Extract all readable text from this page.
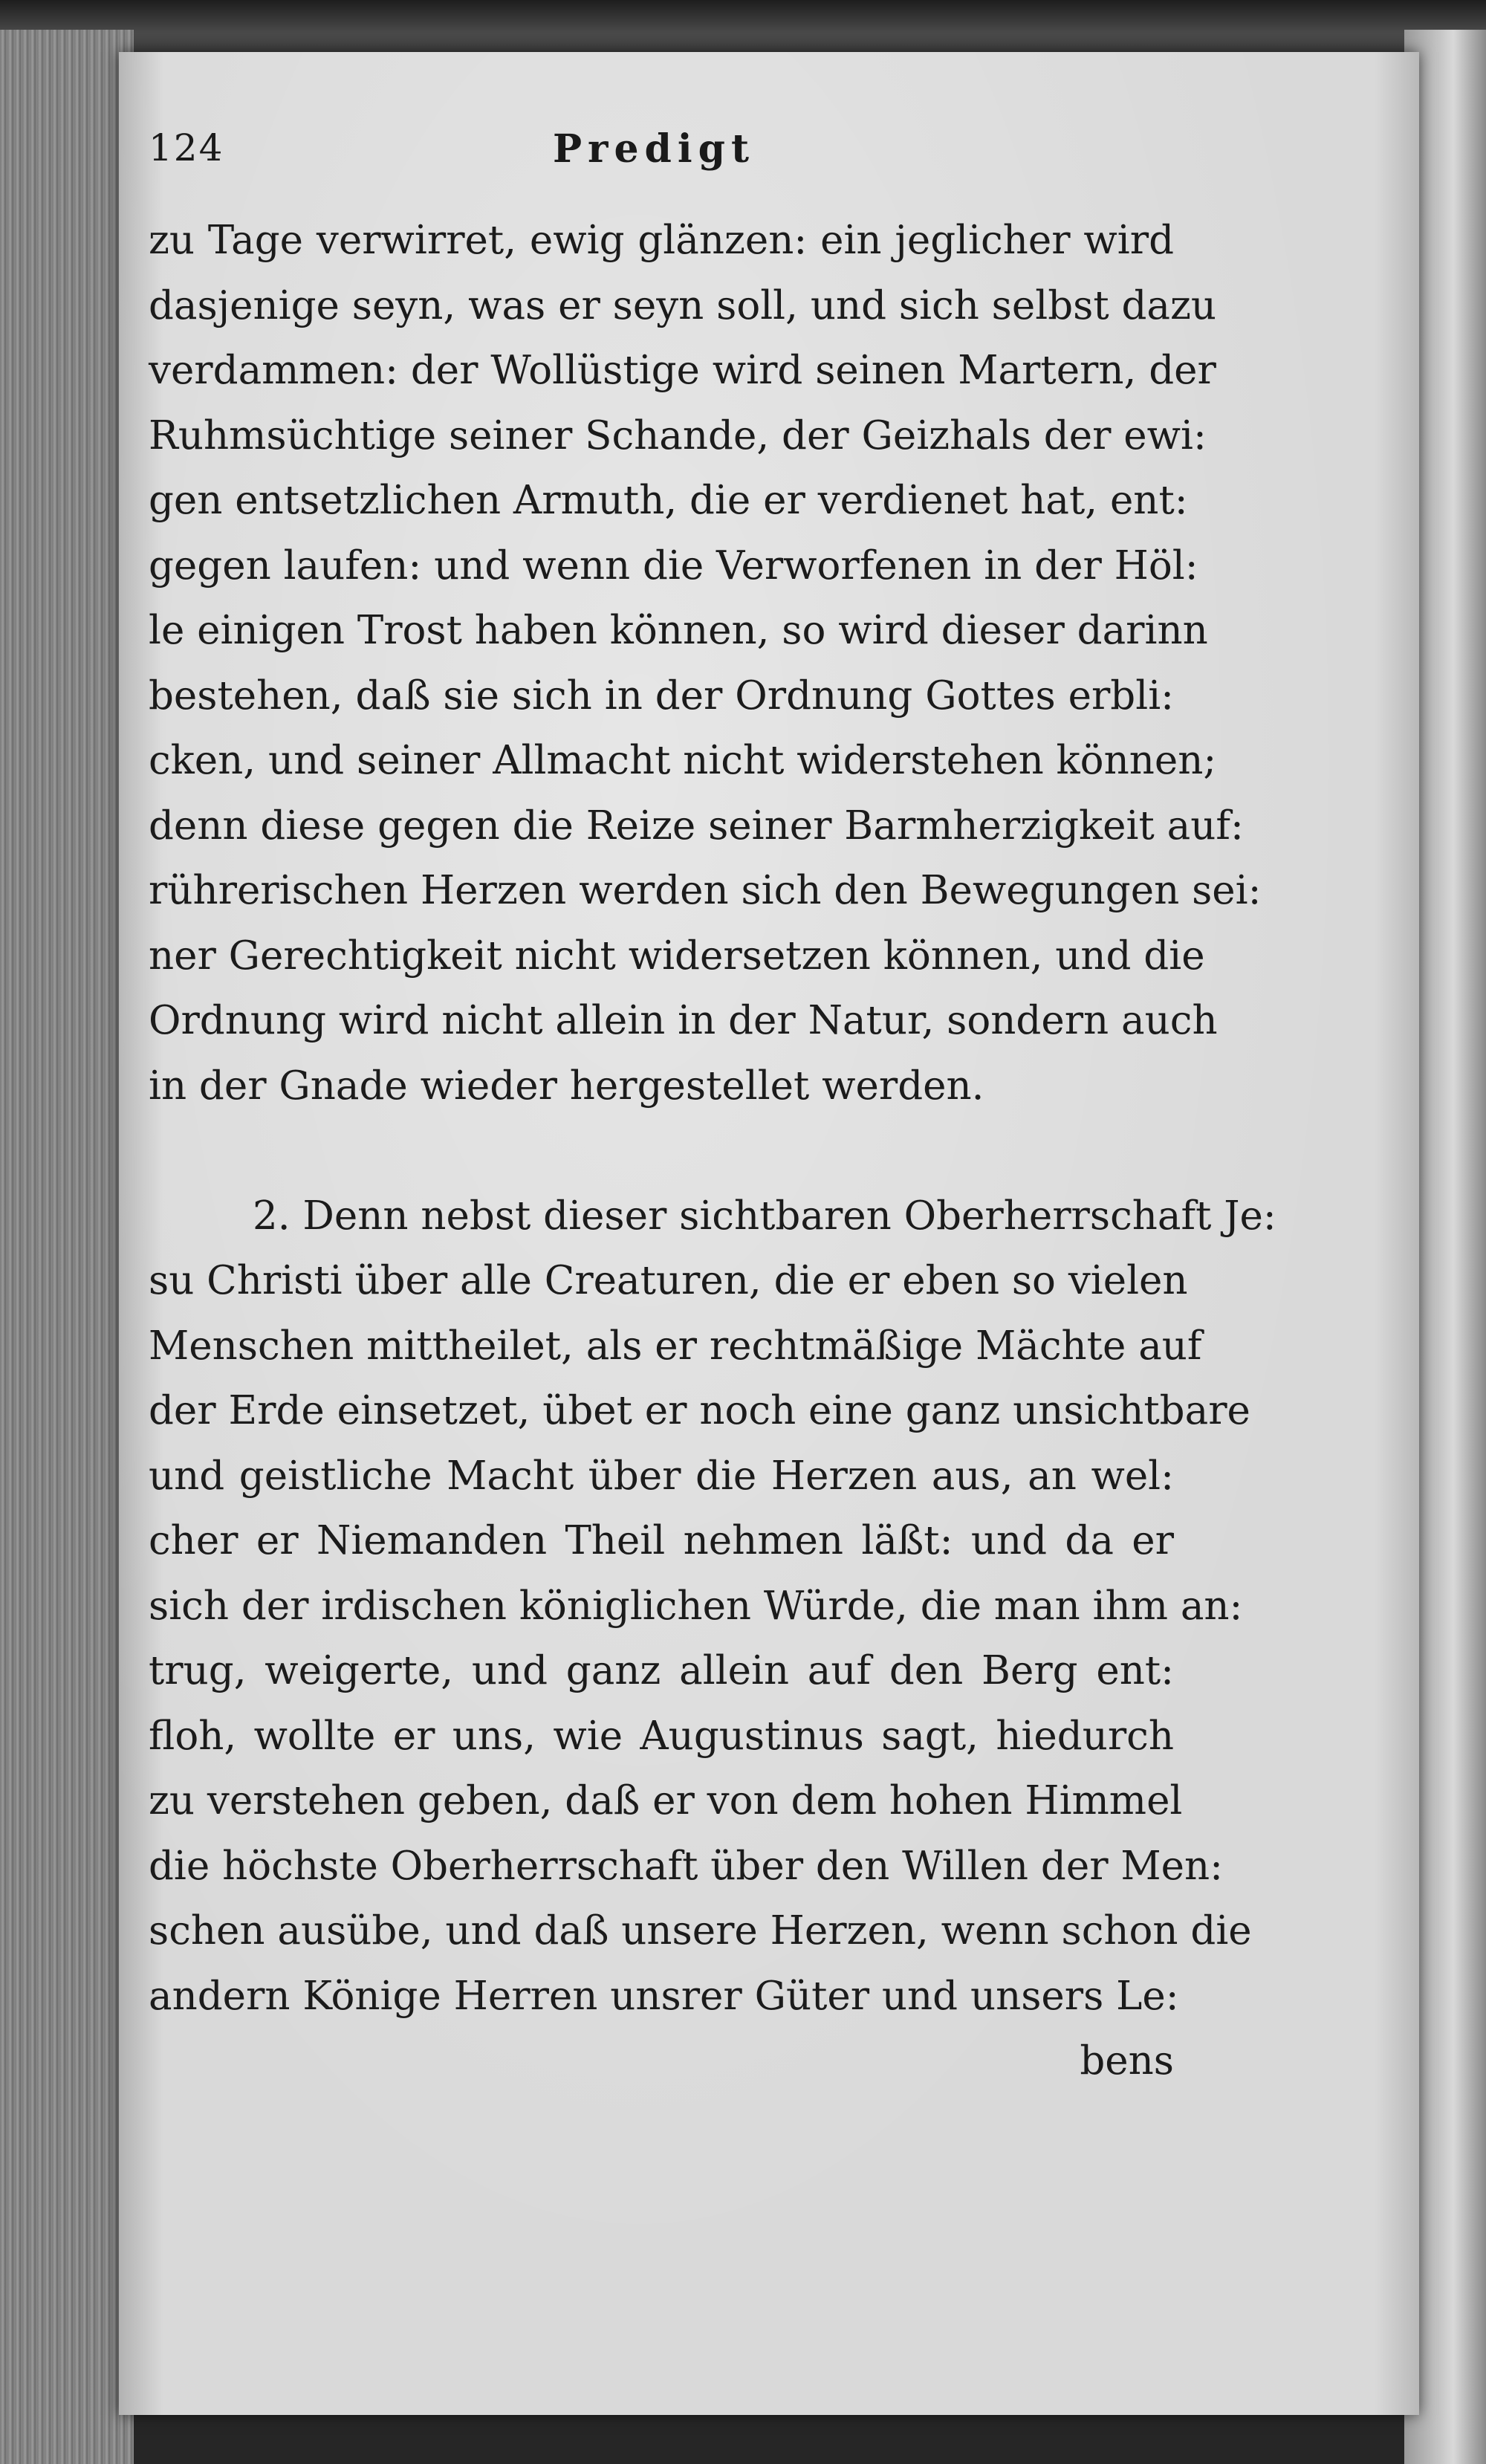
124	Predigt
zu Tage verwirret, ewig glänzen: ein jeglicher wird
dasjenige seyn, was er seyn soll, und sich selbst dazu
verdammen: der Wollüstige wird seinen Martern, der
Ruhmsüchtige seiner Schande, der Geizhals der ewi:
gen entsetzlichen Armuth, die er verdienet hat, ent:
gegen laufen: und wenn die Verworfenen in der Höl:
le einigen Trost haben können, so wird dieser darinn
bestehen, daß sie sich in der Ordnung Gottes erbli:
cken, und seiner Allmacht nicht widerstehen können;
denn diese gegen die Reize seiner Barmherzigkeit auf:
rührerischen Herzen werden sich den Bewegungen sei:
ner Gerechtigkeit nicht widersetzen können, und die
Ordnung wird nicht allein in der Natur, sondern auch
in der Gnade wieder hergestellet werden.
2. Denn nebst dieser sichtbaren Oberherrschaft Je:
su Christi über alle Creaturen, die er eben so vielen
Menschen mittheilet, als er rechtmäßige Mächte auf
der Erde einsetzet, übet er noch eine ganz unsichtbare
und geistliche Macht über die Herzen aus, an wel:
cher er Niemanden Theil nehmen läßt: und da er
sich der irdischen königlichen Würde, die man ihm an:
trug, weigerte, und ganz allein auf den Berg ent:
floh, wollte er uns, wie Augustinus sagt, hiedurch
zu verstehen geben, daß er von dem hohen Himmel
die höchste Oberherrschaft über den Willen der Men:
schen ausübe, und daß unsere Herzen, wenn schon die
andern Könige Herren unsrer Güter und unsers Le:
bens
